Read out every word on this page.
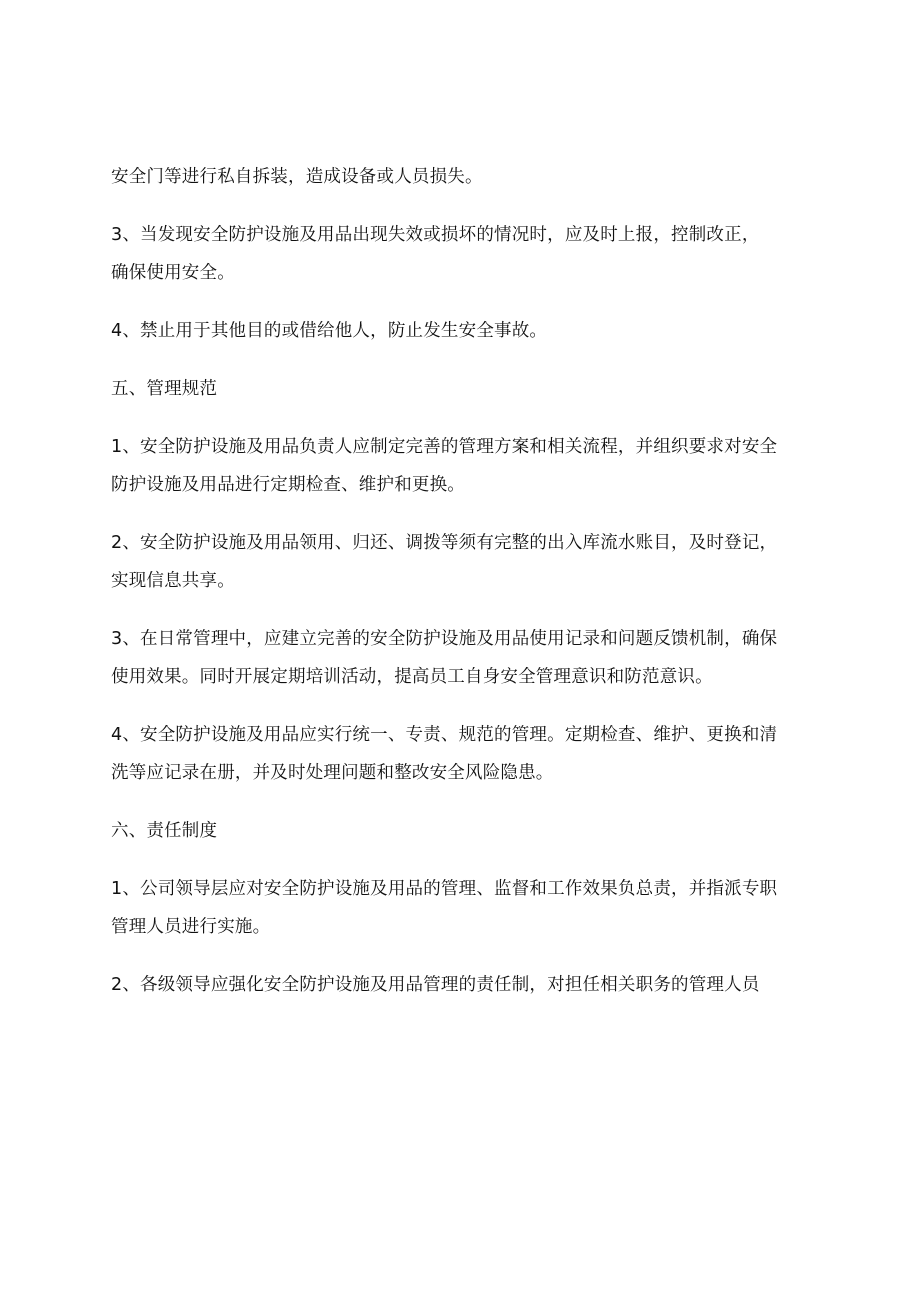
安全门等进行私自拆装，造成设备或人员损失。
3、当发现安全防护设施及用品出现失效或损坏的情况时，应及时上报，控制改正，
确保使用安全。
4、禁止用于其他目的或借给他人，防止发生安全事故。
五、管理规范
1、安全防护设施及用品负责人应制定完善的管理方案和相关流程，并组织要求对安全
防护设施及用品进行定期检查、维护和更换。
2、安全防护设施及用品领用、归还、调拨等须有完整的出入库流水账目，及时登记，
实现信息共享。
3、在日常管理中，应建立完善的安全防护设施及用品使用记录和问题反馈机制，确保
使用效果。同时开展定期培训活动，提高员工自身安全管理意识和防范意识。
4、安全防护设施及用品应实行统一、专责、规范的管理。定期检查、维护、更换和清
洗等应记录在册，并及时处理问题和整改安全风险隐患。
六、责任制度
1、公司领导层应对安全防护设施及用品的管理、监督和工作效果负总责，并指派专职
管理人员进行实施。
2、各级领导应强化安全防护设施及用品管理的责任制，对担任相关职务的管理人员
